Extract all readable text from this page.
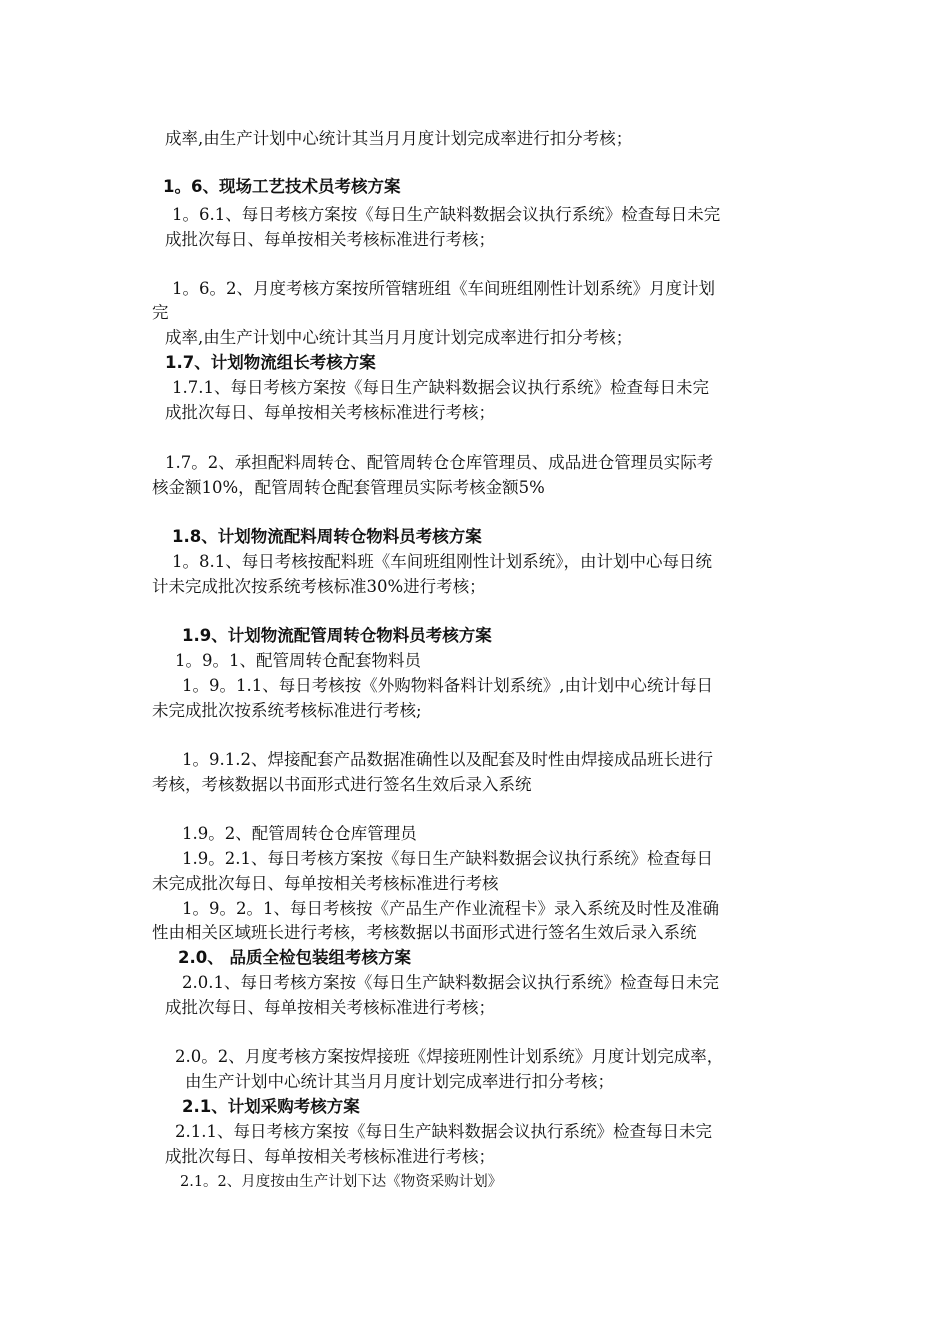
成率,由生产计划中心统计其当月月度计划完成率进行扣分考核；
1。6、现场工艺技术员考核方案
1。6.1、每日考核方案按《每日生产缺料数据会议执行系统》检查每日未完
成批次每日、每单按相关考核标准进行考核；
1。6。2、月度考核方案按所管辖班组《车间班组刚性计划系统》月度计划
完
成率,由生产计划中心统计其当月月度计划完成率进行扣分考核；
1.7、计划物流组长考核方案
1.7.1、每日考核方案按《每日生产缺料数据会议执行系统》检查每日未完
成批次每日、每单按相关考核标准进行考核；
1.7。2、承担配料周转仓、配管周转仓仓库管理员、成品进仓管理员实际考
核金额10%，配管周转仓配套管理员实际考核金额5%
1.8、计划物流配料周转仓物料员考核方案
1。8.1、每日考核按配料班《车间班组刚性计划系统》，由计划中心每日统
计未完成批次按系统考核标准30%进行考核；
1.9、计划物流配管周转仓物料员考核方案
1。9。1、配管周转仓配套物料员
1。9。1.1、每日考核按《外购物料备料计划系统》,由计划中心统计每日
未完成批次按系统考核标准进行考核;
1。9.1.2、焊接配套产品数据准确性以及配套及时性由焊接成品班长进行
考核，考核数据以书面形式进行签名生效后录入系统
1.9。2、配管周转仓仓库管理员
1.9。2.1、每日考核方案按《每日生产缺料数据会议执行系统》检查每日
未完成批次每日、每单按相关考核标准进行考核
1。9。2。1、每日考核按《产品生产作业流程卡》录入系统及时性及准确
性由相关区域班长进行考核，考核数据以书面形式进行签名生效后录入系统
2.0、 品质全检包装组考核方案
2.0.1、每日考核方案按《每日生产缺料数据会议执行系统》检查每日未完
成批次每日、每单按相关考核标准进行考核；
2.0。2、月度考核方案按焊接班《焊接班刚性计划系统》月度计划完成率，
由生产计划中心统计其当月月度计划完成率进行扣分考核；
2.1、计划采购考核方案
2.1.1、每日考核方案按《每日生产缺料数据会议执行系统》检查每日未完
成批次每日、每单按相关考核标准进行考核；
2.1。2、月度按由生产计划下达《物资采购计划》
